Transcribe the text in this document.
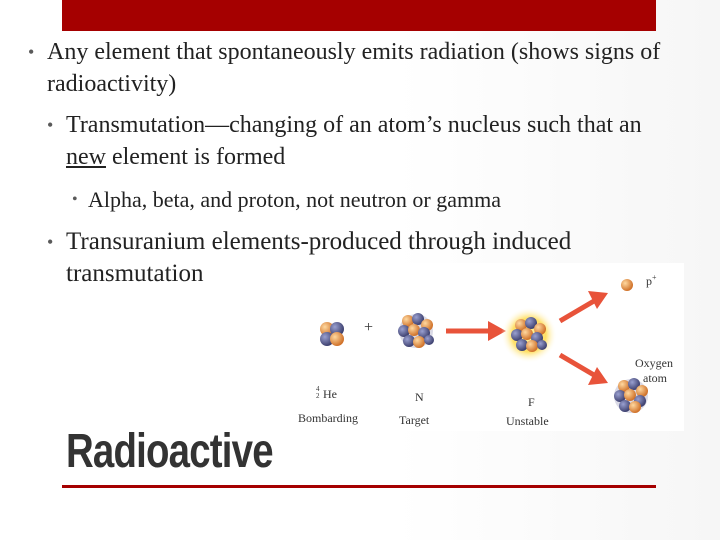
• Any element that spontaneously emits radiation (shows signs of radioactivity)
• Transmutation—changing of an atom’s nucleus such that an new element is formed
• Alpha, beta, and proton, not neutron or gamma
• Transuranium elements-produced through induced transmutation
+
4
2 He
Bombarding
N
Target
F
Unstable
p+
Oxygen
atom
Radioactive
